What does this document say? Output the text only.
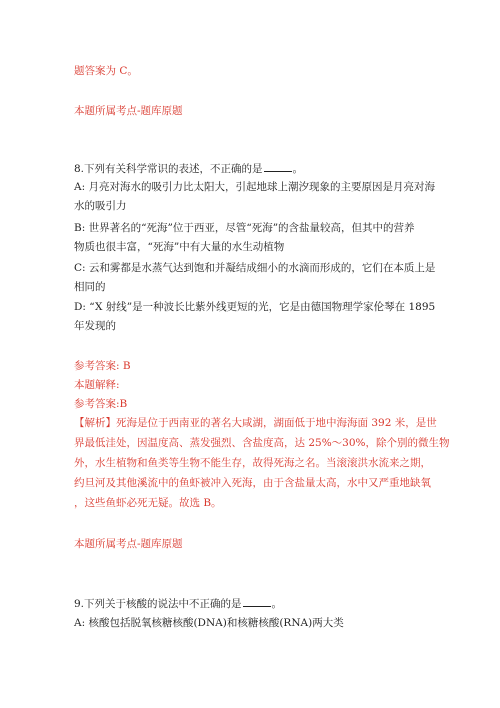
题答案为 C。
本题所属考点-题库原题
8.下列有关科学常识的表述，不正确的是	。
A: 月亮对海水的吸引力比太阳大，引起地球上潮汐现象的主要原因是月亮对海
水的吸引力
B: 世界著名的“死海”位于西亚，尽管“死海”的含盐量较高，但其中的营养
物质也很丰富，“死海”中有大量的水生动植物
C: 云和雾都是水蒸气达到饱和并凝结成细小的水滴而形成的，它们在本质上是
相同的
D: “X 射线”是一种波长比紫外线更短的光，它是由德国物理学家伦琴在 1895
年发现的
参考答案: B
本题解释:
参考答案:B
【解析】死海是位于西南亚的著名大咸湖，湖面低于地中海海面 392 米，是世
界最低洼处，因温度高、蒸发强烈、含盐度高，达 25%～30%，除个别的微生物
外，水生植物和鱼类等生物不能生存，故得死海之名。当滚滚洪水流来之期，
约旦河及其他溪流中的鱼虾被冲入死海，由于含盐量太高，水中又严重地缺氧
，这些鱼虾必死无疑。故选 B。
本题所属考点-题库原题
9.下列关于核酸的说法中不正确的是	。
A: 核酸包括脱氧核糖核酸(DNA)和核糖核酸(RNA)两大类
